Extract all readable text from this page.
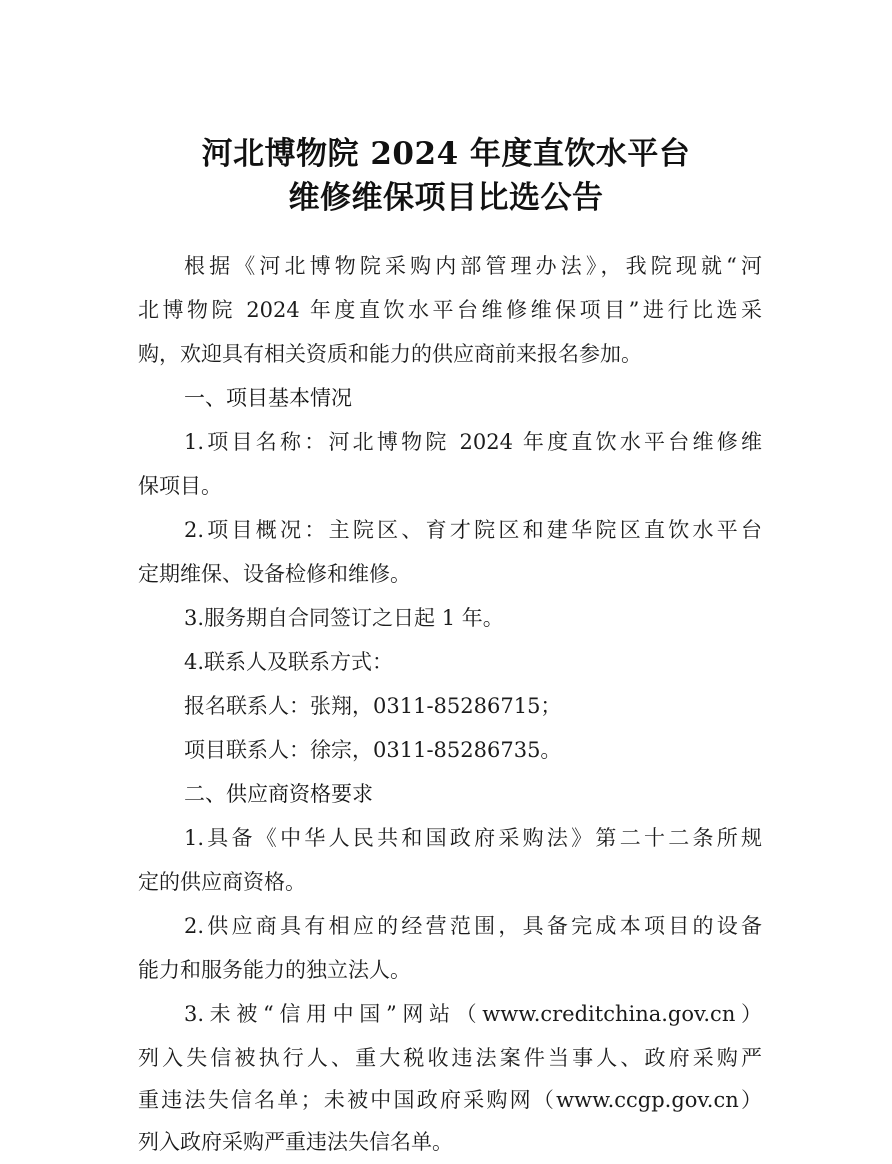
河北博物院 2024 年度直饮水平台
维修维保项目比选公告
根据《河北博物院采购内部管理办法》，我院现就“河
北博物院 2024 年度直饮水平台维修维保项目”进行比选采
购，欢迎具有相关资质和能力的供应商前来报名参加。
一、项目基本情况
1.项目名称：河北博物院 2024 年度直饮水平台维修维
保项目。
2.项目概况：主院区、育才院区和建华院区直饮水平台
定期维保、设备检修和维修。
3.服务期自合同签订之日起 1 年。
4.联系人及联系方式：
报名联系人：张翔，0311-85286715；
项目联系人：徐宗，0311-85286735。
二、供应商资格要求
1.具备《中华人民共和国政府采购法》第二十二条所规
定的供应商资格。
2.供应商具有相应的经营范围，具备完成本项目的设备
能力和服务能力的独立法人。
3.未被“信用中国”网站（www.creditchina.gov.cn）
列入失信被执行人、重大税收违法案件当事人、政府采购严
重违法失信名单；未被中国政府采购网（www.ccgp.gov.cn）
列入政府采购严重违法失信名单。
